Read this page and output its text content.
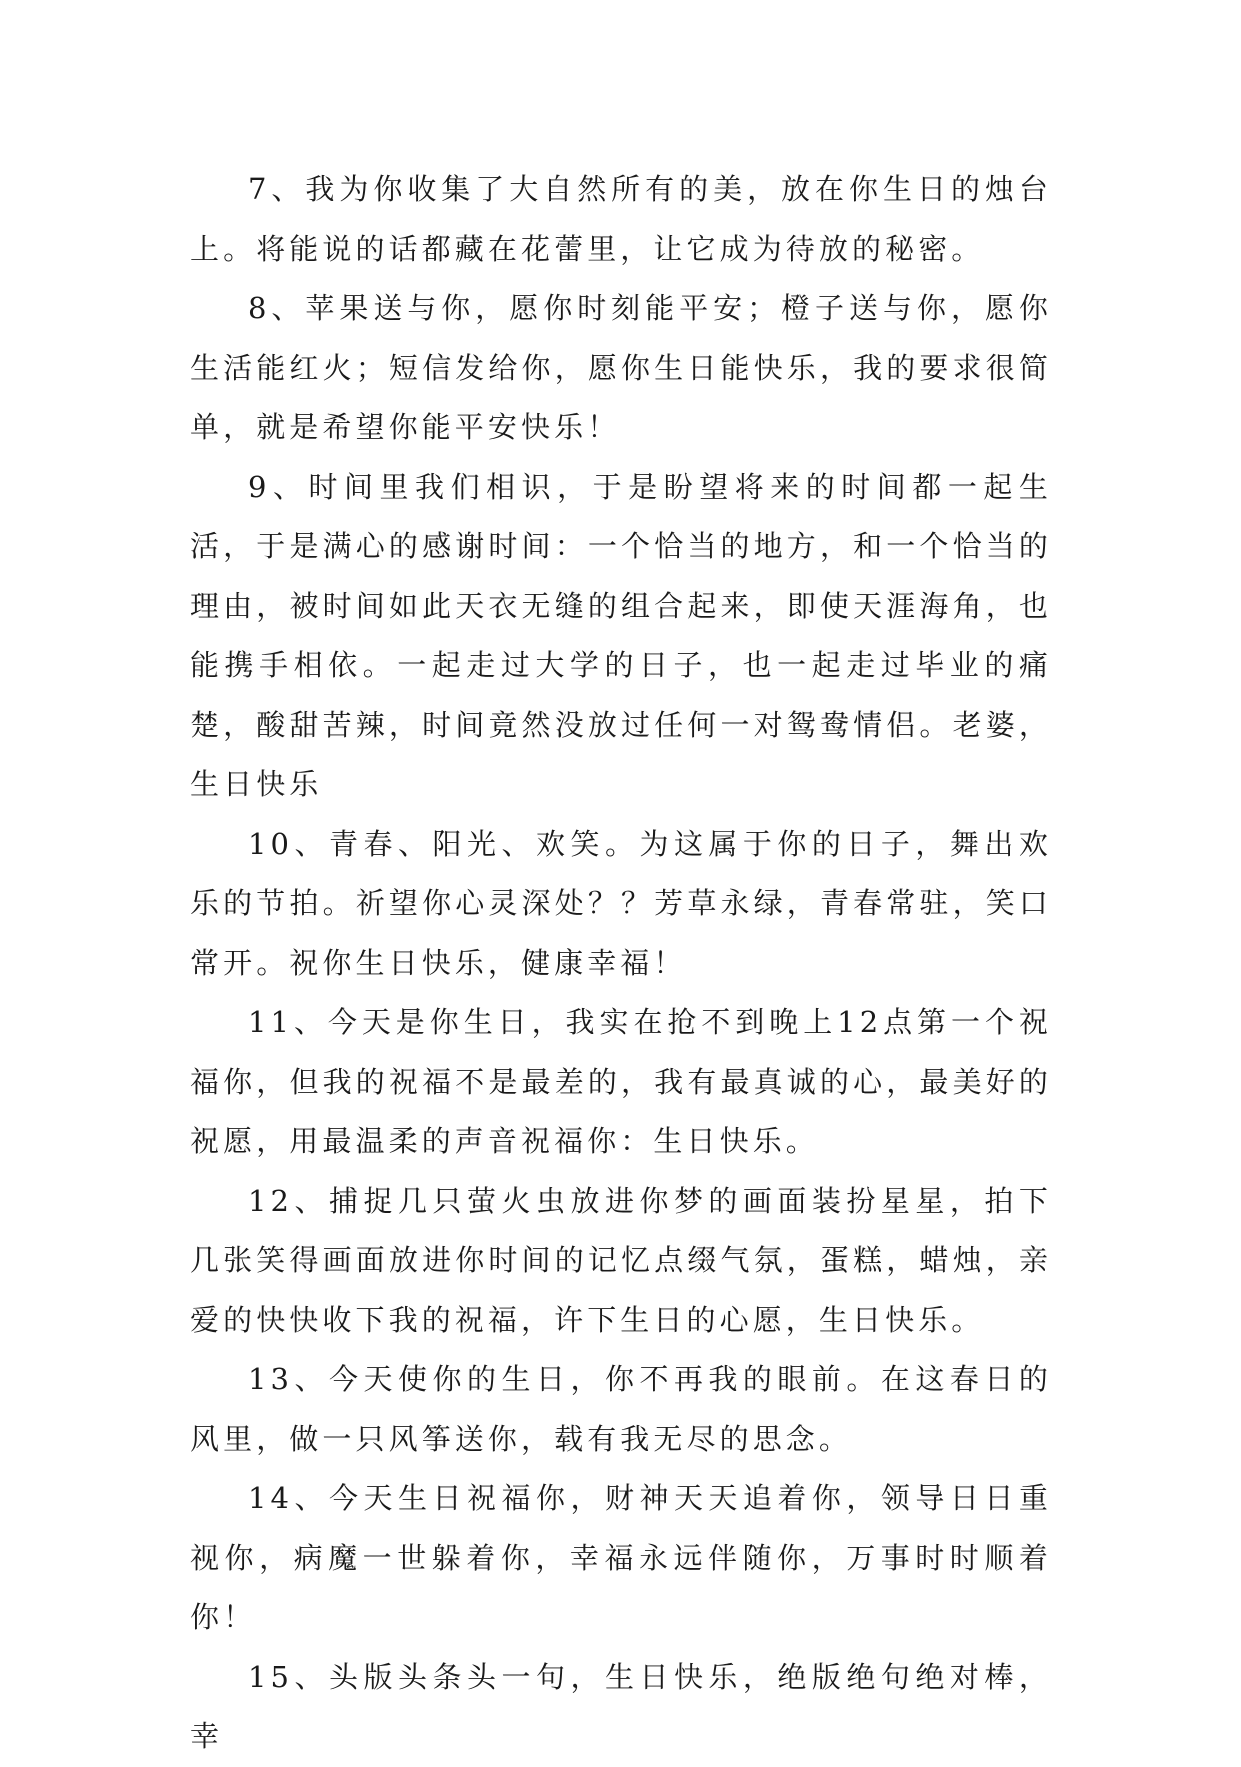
7、我为你收集了大自然所有的美，放在你生日的烛台上。将能说的话都藏在花蕾里，让它成为待放的秘密。

8、苹果送与你，愿你时刻能平安；橙子送与你，愿你生活能红火；短信发给你，愿你生日能快乐，我的要求很简单，就是希望你能平安快乐！

9、时间里我们相识，于是盼望将来的时间都一起生活，于是满心的感谢时间：一个恰当的地方，和一个恰当的理由，被时间如此天衣无缝的组合起来，即使天涯海角，也能携手相依。一起走过大学的日子，也一起走过毕业的痛楚，酸甜苦辣，时间竟然没放过任何一对鸳鸯情侣。老婆，生日快乐

10、青春、阳光、欢笑。为这属于你的日子，舞出欢乐的节拍。祈望你心灵深处？？芳草永绿，青春常驻，笑口常开。祝你生日快乐，健康幸福！

11、今天是你生日，我实在抢不到晚上12点第一个祝福你，但我的祝福不是最差的，我有最真诚的心，最美好的祝愿，用最温柔的声音祝福你：生日快乐。

12、捕捉几只萤火虫放进你梦的画面装扮星星，拍下几张笑得画面放进你时间的记忆点缀气氛，蛋糕，蜡烛，亲爱的快快收下我的祝福，许下生日的心愿，生日快乐。

13、今天使你的生日，你不再我的眼前。在这春日的风里，做一只风筝送你，载有我无尽的思念。

14、今天生日祝福你，财神天天追着你，领导日日重视你，病魔一世躲着你，幸福永远伴随你，万事时时顺着你！

15、头版头条头一句，生日快乐，绝版绝句绝对棒，幸
